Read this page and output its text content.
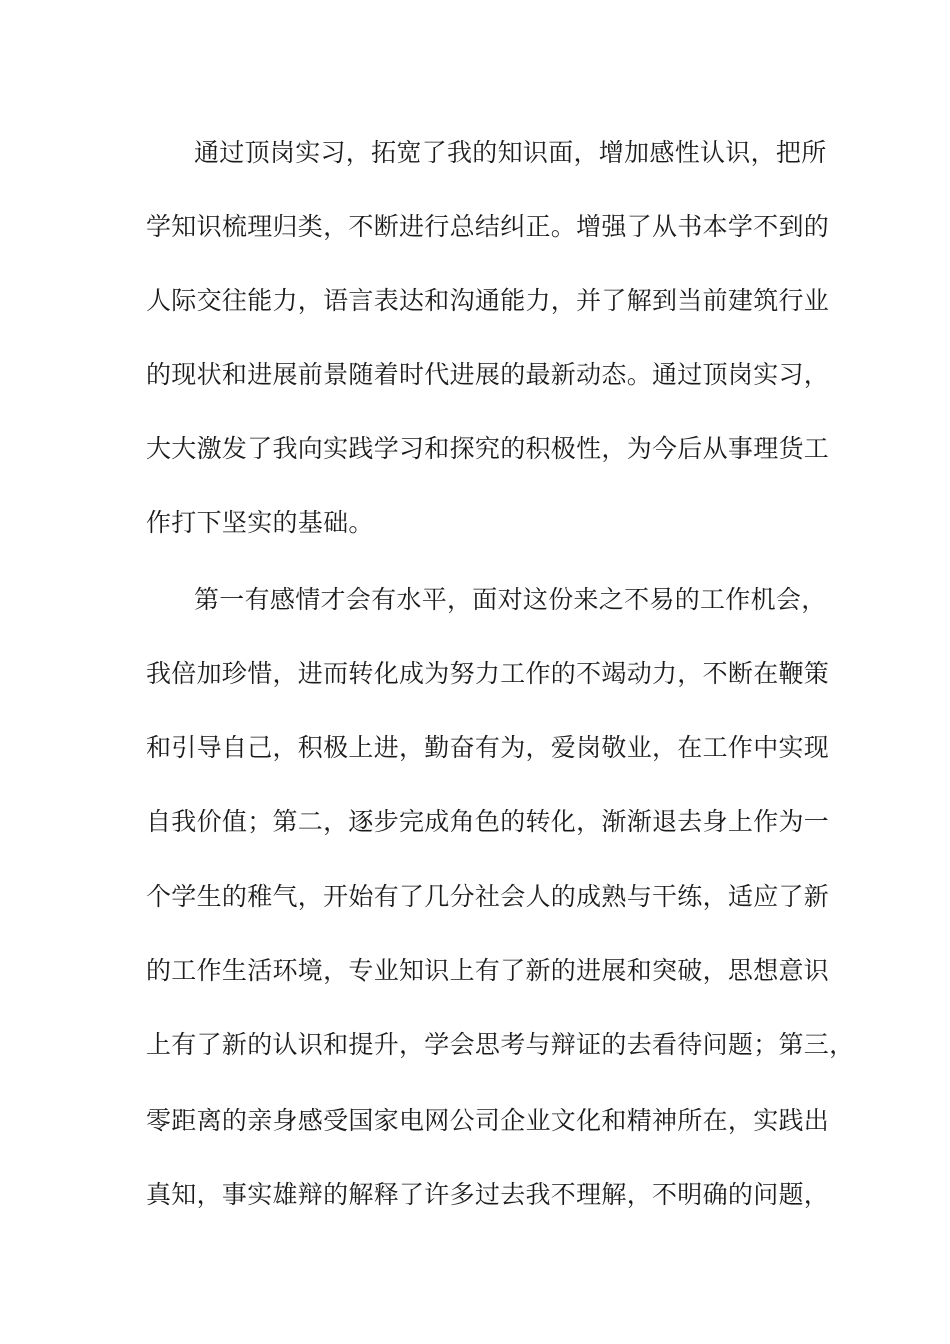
通过顶岗实习，拓宽了我的知识面，增加感性认识，把所
学知识梳理归类，不断进行总结纠正。增强了从书本学不到的
人际交往能力，语言表达和沟通能力，并了解到当前建筑行业
的现状和进展前景随着时代进展的最新动态。通过顶岗实习，
大大激发了我向实践学习和探究的积极性，为今后从事理货工
作打下坚实的基础。
第一有感情才会有水平，面对这份来之不易的工作机会，
我倍加珍惜，进而转化成为努力工作的不竭动力，不断在鞭策
和引导自己，积极上进，勤奋有为，爱岗敬业，在工作中实现
自我价值；第二，逐步完成角色的转化，渐渐退去身上作为一
个学生的稚气，开始有了几分社会人的成熟与干练，适应了新
的工作生活环境，专业知识上有了新的进展和突破，思想意识
上有了新的认识和提升，学会思考与辩证的去看待问题；第三，
零距离的亲身感受国家电网公司企业文化和精神所在，实践出
真知，事实雄辩的解释了许多过去我不理解，不明确的问题，
